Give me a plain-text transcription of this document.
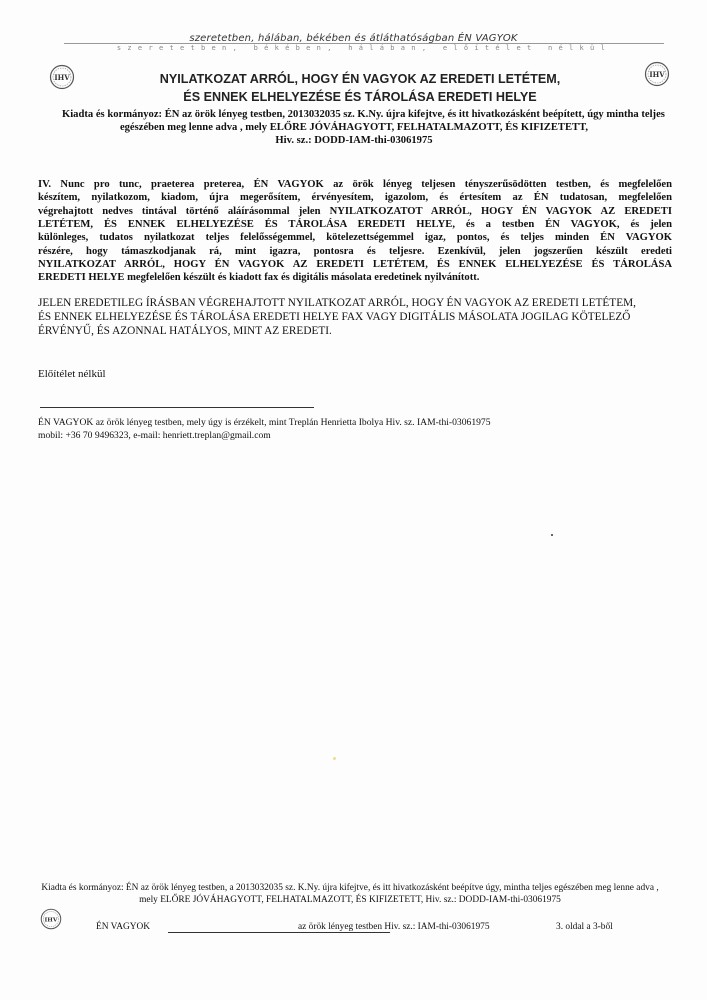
szeretetben, hálában, békében és átláthatóságban ÉN VAGYOK
szeretetben, békében, hálában, előítélet nélkül
IHV	IHV
NYILATKOZAT ARRÓL, HOGY ÉN VAGYOK AZ EREDETI LETÉTEM,
ÉS ENNEK ELHELYEZÉSE ÉS TÁROLÁSA EREDETI HELYE
Kiadta és kormányoz: ÉN az örök lényeg testben, 2013032035 sz. K.Ny. újra kifejtve, és itt hivatkozásként beépített, úgy mintha teljes
egészében meg lenne adva , mely ELŐRE JÓVÁHAGYOTT, FELHATALMAZOTT, ÉS KIFIZETETT,
Hiv. sz.: DODD-IAM-thi-03061975
IV. Nunc pro tunc, praeterea preterea, ÉN VAGYOK az örök lényeg teljesen tényszerűsödötten testben, és megfelelően
készítem, nyilatkozom, kiadom, újra megerősítem, érvényesítem, igazolom, és értesítem az ÉN tudatosan, megfelelően
végrehajtott nedves tintával történő aláírásommal jelen NYILATKOZATOT ARRÓL, HOGY ÉN VAGYOK AZ EREDETI
LETÉTEM, ÉS ENNEK ELHELYEZÉSE ÉS TÁROLÁSA EREDETI HELYE, és a testben ÉN VAGYOK, és jelen
különleges, tudatos nyilatkozat teljes felelősségemmel, kötelezettségemmel igaz, pontos, és teljes minden ÉN VAGYOK
részére, hogy támaszkodjanak rá, mint igazra, pontosra és teljesre. Ezenkívül, jelen jogszerűen készült eredeti
NYILATKOZAT ARRÓL, HOGY ÉN VAGYOK AZ EREDETI LETÉTEM, ÉS ENNEK ELHELYEZÉSE ÉS TÁROLÁSA
EREDETI HELYE megfelelően készült és kiadott fax és digitális másolata eredetinek nyilvánított.
JELEN EREDETILEG ÍRÁSBAN VÉGREHAJTOTT NYILATKOZAT ARRÓL, HOGY ÉN VAGYOK AZ EREDETI LETÉTEM,
ÉS ENNEK ELHELYEZÉSE ÉS TÁROLÁSA EREDETI HELYE FAX VAGY DIGITÁLIS MÁSOLATA JOGILAG KÖTELEZŐ
ÉRVÉNYŰ, ÉS AZONNAL HATÁLYOS, MINT AZ EREDETI.
Előítélet nélkül
ÉN VAGYOK az örök lényeg testben, mely úgy is érzékelt, mint Treplán Henrietta Ibolya Hiv. sz. IAM-thi-03061975
mobil: +36 70 9496323, e-mail: henriett.treplan@gmail.com
Kiadta és kormányoz: ÉN az örök lényeg testben, a 2013032035 sz. K.Ny. újra kifejtve, és itt hivatkozásként beépítve úgy, mintha teljes egészében meg lenne adva ,
mely ELŐRE JÓVÁHAGYOTT, FELHATALMAZOTT, ÉS KIFIZETETT, Hiv. sz.: DODD-IAM-thi-03061975
IHV
ÉN VAGYOK	az örök lényeg testben Hiv. sz.: IAM-thi-03061975	3. oldal a 3-ből
